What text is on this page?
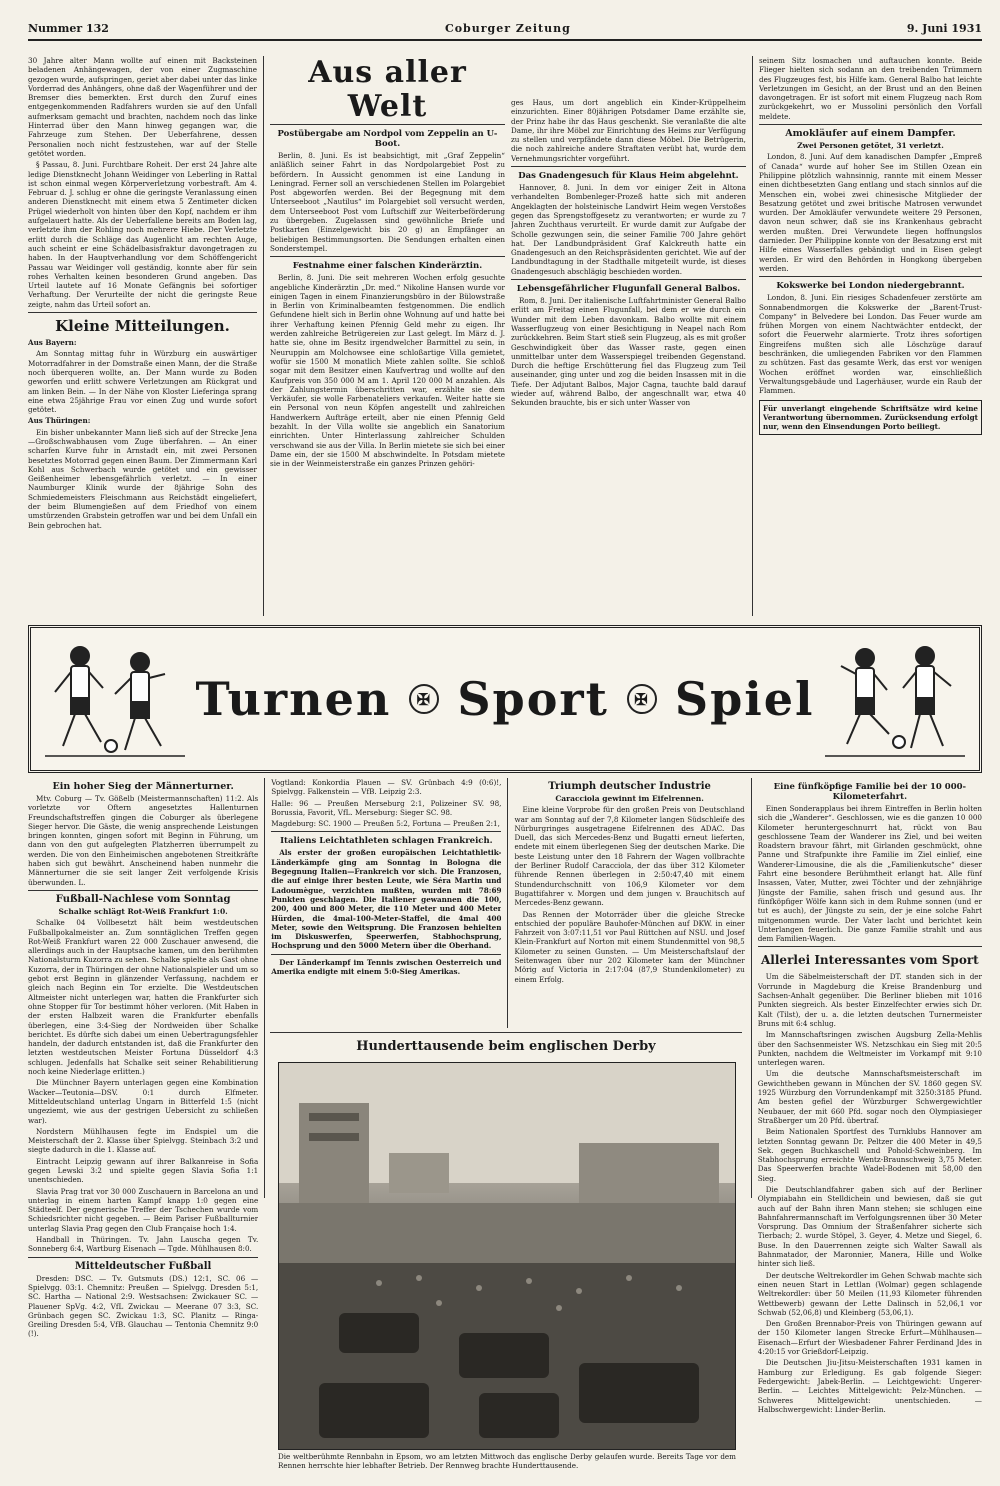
Nummer 132	Coburger Zeitung	9. Juni 1931

30 Jahre alter Mann wollte auf einen mit Backsteinen beladenen Anhängewagen, der von einer Zugmaschine gezogen wurde, aufspringen, geriet aber dabei unter das linke Vorderrad des Anhängers, ohne daß der Wagenführer und der Bremser dies bemerkten. Erst durch den Zuruf eines entgegenkommenden Radfahrers wurden sie auf den Unfall aufmerksam gemacht und brachten, nachdem noch das linke Hinterrad über den Mann hinweg gegangen war, die Fahrzeuge zum Stehen. Der Ueberfahrene, dessen Personalien noch nicht festzustehen, war auf der Stelle getötet worden.

§ Passau, 8. Juni. Furchtbare Roheit. Der erst 24 Jahre alte ledige Dienstknecht Johann Weidinger von Leberling in Rattal ist schon einmal wegen Körperverletzung vorbestraft. Am 4. Februar d. J. schlug er ohne die geringste Veranlassung einen anderen Dienstknecht mit einem etwa 5 Zentimeter dicken Prügel wiederholt von hinten über den Kopf, nachdem er ihm aufgelauert hatte. Als der Ueberfallene bereits am Boden lag, verletzte ihm der Rohling noch mehrere Hiebe. Der Verletzte erlitt durch die Schläge das Augenlicht am rechten Auge, auch scheint er eine Schädelbasisfraktur davongetragen zu haben. In der Hauptverhandlung vor dem Schöffengericht Passau war Weidinger voll geständig, konnte aber für sein rohes Verhalten keinen besonderen Grund angeben. Das Urteil lautete auf 16 Monate Gefängnis bei sofortiger Verhaftung. Der Verurteilte der nicht die geringste Reue zeigte, nahm das Urteil sofort an.

Kleine Mitteilungen.

Aus Bayern:

Am Sonntag mittag fuhr in Würzburg ein auswärtiger Motorradfahrer in der Domstraße einen Mann, der die Straße noch überqueren wollte, an. Der Mann wurde zu Boden geworfen und erlitt schwere Verletzungen am Rückgrat und am linken Bein. — In der Nähe von Kloster Lieferinga sprang eine etwa 25jährige Frau vor einen Zug und wurde sofort getötet.

Aus Thüringen:

Ein bisher unbekannter Mann ließ sich auf der Strecke Jena—Großschwabhausen vom Zuge überfahren. — An einer scharfen Kurve fuhr in Arnstadt ein, mit zwei Personen besetztes Motorrad gegen einen Baum. Der Zimmermann Karl Kohl aus Schwerbach wurde getötet und ein gewisser Geißenheimer lebensgefährlich verletzt. — In einer Naumburger Klinik wurde der 8jährige Sohn des Schmiedemeisters Fleischmann aus Reichstädt eingeliefert, der beim Blumengießen auf dem Friedhof von einem umstürzenden Grabstein getroffen war und bei dem Unfall ein Bein gebrochen hat.

Aus aller Welt
Postübergabe am Nordpol vom Zeppelin an U-Boot.

Berlin, 8. Juni. Es ist beabsichtigt, mit „Graf Zeppelin“ anläßlich seiner Fahrt in das Nordpolargebiet Post zu befördern. In Aussicht genommen ist eine Landung in Leningrad. Ferner soll an verschiedenen Stellen im Polargebiet Post abgeworfen werden. Bei der Begegnung mit dem Unterseeboot „Nautilus“ im Polargebiet soll versucht werden, dem Unterseeboot Post vom Luftschiff zur Weiterbeförderung zu übergeben. Zugelassen sind gewöhnliche Briefe und Postkarten (Einzelgewicht bis 20 g) an Empfänger an beliebigen Bestimmungsorten. Die Sendungen erhalten einen Sonderstempel.

Festnahme einer falschen Kinderärztin.

Berlin, 8. Juni. Die seit mehreren Wochen erfolg gesuchte angebliche Kinderärztin „Dr. med.“ Nikoline Hansen wurde vor einigen Tagen in einem Finanzierungsbüro in der Bülowstraße in Berlin von Kriminalbeamten festgenommen. Die endlich Gefundene hielt sich in Berlin ohne Wohnung auf und hatte bei ihrer Verhaftung keinen Pfennig Geld mehr zu eigen. Ihr werden zahlreiche Betrügereien zur Last gelegt. Im März d. J. hatte sie, ohne im Besitz irgendwelcher Barmittel zu sein, in Neuruppin am Molchowsee eine schloßartige Villa gemietet, wofür sie 1500 M monatlich Miete zahlen sollte. Sie schloß sogar mit dem Besitzer einen Kaufvertrag und wollte auf den Kaufpreis von 350 000 M am 1. April 120 000 M anzahlen. Als der Zahlungstermin überschritten war, erzählte sie dem Verkäufer, sie wolle Farbenateliers verkaufen. Weiter hatte sie ein Personal von neun Köpfen angestellt und zahlreichen Handwerkern Aufträge erteilt, aber nie einen Pfennig Geld bezahlt. In der Villa wollte sie angeblich ein Sanatorium einrichten. Unter Hinterlassung zahlreicher Schulden verschwand sie aus der Villa. In Berlin mietete sie sich bei einer Dame ein, der sie 1500 M abschwindelte. In Potsdam mietete sie in der Weinmeisterstraße ein ganzes Prinzen gehöri-

ges Haus, um dort angeblich ein Kinder-Krüppelheim einzurichten. Einer 80jährigen Potsdamer Dame erzählte sie, der Prinz habe ihr das Haus geschenkt. Sie veranlaßte die alte Dame, ihr ihre Möbel zur Einrichtung des Heims zur Verfügung zu stellen und verpfändete dann diese Möbel. Die Betrügerin, die noch zahlreiche andere Straftaten verübt hat, wurde dem Vernehmungsrichter vorgeführt.

Das Gnadengesuch für Klaus Heim abgelehnt.

Hannover, 8. Juni. In dem vor einiger Zeit in Altona verhandelten Bombenleger-Prozeß hatte sich mit anderen Angeklagten der holsteinische Landwirt Heim wegen Verstoßes gegen das Sprengstoffgesetz zu verantworten; er wurde zu 7 Jahren Zuchthaus verurteilt. Er wurde damit zur Aufgabe der Scholle gezwungen sein, die seiner Familie 700 Jahre gehört hat. Der Landbundpräsident Graf Kalckreuth hatte ein Gnadengesuch an den Reichspräsidenten gerichtet. Wie auf der Landbundtagung in der Stadthalle mitgeteilt wurde, ist dieses Gnadengesuch abschlägig beschieden worden.

Lebensgefährlicher Flugunfall General Balbos.

Rom, 8. Juni. Der italienische Luftfahrtminister General Balbo erlitt am Freitag einen Flugunfall, bei dem er wie durch ein Wunder mit dem Leben davonkam. Balbo wollte mit einem Wasserflugzeug von einer Besichtigung in Neapel nach Rom zurückkehren. Beim Start stieß sein Flugzeug, als es mit großer Geschwindigkeit über das Wasser raste, gegen einen unmittelbar unter dem Wasserspiegel treibenden Gegenstand. Durch die heftige Erschütterung fiel das Flugzeug zum Teil auseinander, ging unter und zog die beiden Insassen mit in die Tiefe. Der Adjutant Balbos, Major Cagna, tauchte bald darauf wieder auf, während Balbo, der angeschnallt war, etwa 40 Sekunden brauchte, bis er sich unter Wasser von

seinem Sitz losmachen und auftauchen konnte. Beide Flieger hielten sich sodann an den treibenden Trümmern des Flugzeuges fest, bis Hilfe kam. General Balbo hat leichte Verletzungen im Gesicht, an der Brust und an den Beinen davongetragen. Er ist sofort mit einem Flugzeug nach Rom zurückgekehrt, wo er Mussolini persönlich den Vorfall meldete.

Amokläufer auf einem Dampfer.
Zwei Personen getötet, 31 verletzt.

London, 8. Juni. Auf dem kanadischen Dampfer „Empreß of Canada“ wurde auf hoher See im Stillen Ozean ein Philippine plötzlich wahnsinnig, rannte mit einem Messer einen dichtbesetzten Gang entlang und stach sinnlos auf die Menschen ein, wobei zwei chinesische Mitglieder der Besatzung getötet und zwei britische Matrosen verwundet wurden. Der Amokläufer verwundete weitere 29 Personen, davon neun schwer, daß sie ins Krankenhaus gebracht werden mußten. Drei Verwundete liegen hoffnungslos darnieder. Der Philippine konnte von der Besatzung erst mit Hilfe eines Wasserfalles gebändigt und in Eisen gelegt werden. Er wird den Behörden in Hongkong übergeben werden.

Kokswerke bei London niedergebrannt.

London, 8. Juni. Ein riesiges Schadenfeuer zerstörte am Sonnabendmorgen die Kokswerke der „Barent-Trust-Company“ in Belvedere bei London. Das Feuer wurde am frühen Morgen von einem Nachtwächter entdeckt, der sofort die Feuerwehr alarmierte. Trotz ihres sofortigen Eingreifens mußten sich alle Löschzüge darauf beschränken, die umliegenden Fabriken vor den Flammen zu schützen. Fast das gesamte Werk, das erst vor wenigen Wochen eröffnet worden war, einschließlich Verwaltungsgebäude und Lagerhäuser, wurde ein Raub der Flammen.

Für unverlangt eingehende Schriftsätze wird keine Verantwortung übernommen. Zurücksendung erfolgt nur, wenn den Einsendungen Porto beiliegt.
Turnen	✠ Sport	✠ Spiel
Ein hoher Sieg der Männerturner.

Mtv. Coburg — Tv. Gößelb (Meistermannschaften) 11:2. Als vorletzte vor Oftern angesetztes Hallenturnen Freundschaftstreffen gingen die Coburger als überlegene Sieger hervor. Die Gäste, die wenig ansprechende Leistungen bringen konnten, gingen sofort mit Beginn in Führung, um dann von den gut aufgelegten Platzherren überrumpelt zu werden. Die von den Einheimischen angebotenen Streitkräfte haben sich gut bewährt. Anscheinend haben nunmehr die Männerturner die sie seit langer Zeit verfolgende Krisis überwunden. L.

Fußball-Nachlese vom Sonntag
Schalke schlägt Rot-Weiß Frankfurt 1:0.

Schalke 04 Vollbesetzt hält beim westdeutschen Fußballpokalmeister an. Zum sonntäglichen Treffen gegen Rot-Weiß Frankfurt waren 22 000 Zuschauer anwesend, die allerdings auch in der Hauptsache kamen, um den berühmten Nationalsturm Kuzorra zu sehen. Schalke spielte als Gast ohne Kuzorra, der in Thüringen der ohne Nationalspieler und um so gebot erst Beginn in glänzender Verfassung, nachdem er gleich nach Beginn ein Tor erzielte. Die Westdeutschen Altmeister nicht unterlegen war, hatten die Frankfurter sich ohne Stopper für Tor bestimmt höher verloren. (Mit Haben in der ersten Halbzeit waren die Frankfurter ebenfalls überlegen, eine 3:4-Sieg der Nordweiden über Schalke berichtet. Es dürfte sich dabei um einen Uebertragungsfehler handeln, der dadurch entstanden ist, daß die Frankfurter den letzten westdeutschen Meister Fortuna Düsseldorf 4:3 schlugen. Jedenfalls hat Schalke seit seiner Rehabilitierung noch keine Niederlage erlitten.)

Die Münchner Bayern unterlagen gegen eine Kombination Wacker—Teutonia—DSV. 0:1 durch Elfmeter. Mitteldeutschland unterlag Ungarn in Bitterfeld 1:5 (nicht ungeziemt, wie aus der gestrigen Uebersicht zu schließen war).

Nordstern Mühlhausen fegte im Endspiel um die Meisterschaft der 2. Klasse über Spielvgg. Steinbach 3:2 und siegte dadurch in die 1. Klasse auf.

Eintracht Leipzig gewann auf ihrer Balkanreise in Sofia gegen Lewski 3:2 und spielte gegen Slavia Sofia 1:1 unentschieden.

Slavia Prag trat vor 30 000 Zuschauern in Barcelona an und unterlag in einem harten Kampf knapp 1:0 gegen eine Städteelf. Der gegnerische Treffer der Tschechen wurde vom Schiedsrichter nicht gegeben. — Beim Pariser Fußballturnier unterlag Slavia Prag gegen den Club Française hoch 1:4.

Handball in Thüringen. Tv. Jahn Lauscha gegen Tv. Sonneberg 6:4, Wartburg Eisenach — Tgde. Mühlhausen 8:0.

Mitteldeutscher Fußball

Dresden: DSC. — Tv. Gutsmuts (DS.) 12:1, SC. 06 — Spielvgg. 03:1. Chemnitz: Preußen — Spielvgg. Dresden 5:1, SC. Hartha — National 2:9. Westsachsen: Zwickauer SC. — Plauener SpVg. 4:2, VfL Zwickau — Meerane 07 3:3, SC. Grünbach gegen SC. Zwickau 1:3, SC. Planitz — Ringa-Greiling Dresden 5:4, VfB. Glauchau — Tentonia Chemnitz 9:0 (!).

Vogtland: Konkordia Plauen — SV. Grünbach 4:9 (0:6)!, Spielvgg. Falkenstein — VfB. Leipzig 2:3.

Halle: 96 — Preußen Merseburg 2:1, Polizeiner SV. 98, Borussia, Favorit, VfL. Merseburg: Sieger SC. 98.

Magdeburg: SC. 1900 — Preußen 5:2, Fortuna — Preußen 2:1,

Italiens Leichtathleten schlagen Frankreich.

Als erster der großen europäischen Leichtathletik-Länderkämpfe ging am Sonntag in Bologna die Begegnung Italien—Frankreich vor sich. Die Franzosen, die auf einige ihrer besten Leute, wie Séra Martin und Ladoumègue, verzichten mußten, wurden mit 78:69 Punkten geschlagen. Die Italiener gewannen die 100, 200, 400 und 800 Meter, die 110 Meter und 400 Meter Hürden, die 4mal-100-Meter-Staffel, die 4mal 400 Meter, sowie den Weitsprung. Die Franzosen behielten im Diskuswerfen, Speerwerfen, Stabhochsprung, Hochsprung und den 5000 Metern über die Oberhand.

Der Länderkampf im Tennis zwischen Oesterreich und Amerika endigte mit einem 5:0-Sieg Amerikas.

Triumph deutscher Industrie
Caracciola gewinnt im Eifelrennen.

Eine kleine Vorprobe für den großen Preis von Deutschland war am Sonntag auf der 7,8 Kilometer langen Südschleife des Nürburgringes ausgetragene Eifelrennen des ADAC. Das Duell, das sich Mercedes-Benz und Bugatti erneut lieferten, endete mit einem überlegenen Sieg der deutschen Marke. Die beste Leistung unter den 18 Fahrern der Wagen vollbrachte der Berliner Rudolf Caracciola, der das über 312 Kilometer führende Rennen überlegen in 2:50:47,40 mit einem Stundendurchschnitt von 106,9 Kilometer vor dem Bugattifahrer v. Morgen und dem jungen v. Brauchitsch auf Mercedes-Benz gewann.

Das Rennen der Motorräder über die gleiche Strecke entschied der populäre Bauhofer-München auf DKW. in einer Fahrzeit von 3:07:11,51 vor Paul Rüttchen auf NSU. und Josef Klein-Frankfurt auf Norton mit einem Stundenmittel von 98,5 Kilometer zu seinen Gunsten. — Um Meisterschaftslauf der Seitenwagen über nur 202 Kilometer kam der Münchner Mörig auf Victoria in 2:17:04 (87,9 Stundenkilometer) zu einem Erfolg.

Eine fünfköpfige Familie bei der 10 000-Kilometerfahrt.

Einen Sonderapplaus bei ihrem Eintreffen in Berlin holten sich die „Wanderer“. Geschlossen, wie es die ganzen 10 000 Kilometer heruntergeschnurrt hat, rückt von Bau geschlossene Team der Wanderer ins Ziel, und bei weiten Roadstern bravour fährt, mit Girlanden geschmückt, ohne Panne und Strafpunkte ihre Familie im Ziel einlief, eine Wanderer-Limousine, die als die „Familienkutsche“ dieser Fahrt eine besondere Berühmtheit erlangt hat. Alle fünf Insassen, Vater, Mutter, zwei Töchter und der zehnjährige Jüngste der Familie, sahen frisch und gesund aus. Ihr fünfköpfiger Wölfe kann sich in dem Ruhme sonnen (und er tut es auch), der Jüngste zu sein, der je eine solche Fahrt mitgenommen wurde. Der Vater lacht und berichtet kein Unterlangen feuerlich. Die ganze Familie strahlt und aus dem Familien-Wagen.

Allerlei Interessantes vom Sport

Um die Säbelmeisterschaft der DT. standen sich in der Vorrunde in Magdeburg die Kreise Brandenburg und Sachsen-Anhalt gegenüber. Die Berliner blieben mit 1016 Punkten siegreich. Als bester Einzelfechter erwies sich Dr. Kalt (Tilst), der u. a. die letzten deutschen Turnermeister Bruns mit 6:4 schlug.

Im Mannschaftsringen zwischen Augsburg Zella-Mehlis über den Sachsenmeister WS. Netzschkau ein Sieg mit 20:5 Punkten, nachdem die Weltmeister im Vorkampf mit 9:10 unterlegen waren.

Um die deutsche Mannschaftsmeisterschaft im Gewichtheben gewann in München der SV. 1860 gegen SV. 1925 Würzburg den Vorrundenkampf mit 3250:3185 Pfund. Am besten gefiel der Würzburger Schwergewichtler Neubauer, der mit 660 Pfd. sogar noch den Olympiasieger Straßberger um 20 Pfd. übertraf.

Beim Nationalen Sportfest des Turnklubs Hannover am letzten Sonntag gewann Dr. Peltzer die 400 Meter in 49,5 Sek. gegen Buchkaschell und Pohold-Schweinberg. Im Stabhochsprung erreichte Wentz-Braunschweig 3,75 Meter. Das Speerwerfen brachte Wadel-Bodenen mit 58,00 den Sieg.

Die Deutschlandfahrer gaben sich auf der Berliner Olympiabahn ein Stelldichein und bewiesen, daß sie gut auch auf der Bahn ihren Mann stehen; sie schlugen eine Bahnfahrermannschaft im Verfolgungsrennen über 30 Meter Vorsprung. Das Omnium der Straßenfahrer sicherte sich Tierbach; 2. wurde Stöpel, 3. Geyer, 4. Metze und Siegel, 6. Buse. In den Dauerrennen zeigte sich Walter Sawall als Bahnmatador, der Maronnier, Manera, Hille und Wolke hinter sich ließ.

Der deutsche Weltrekordler im Gehen Schwab machte sich einen neuen Start in Lettlan (Wolmar) gegen schlagende Weltrekordler: über 50 Meilen (11,93 Kilometer führenden Wettbewerb) gewann der Lette Dalinsch in 52,06,1 vor Schwab (52,06,8) und Kleinberg (53,06,1).

Den Großen Brennabor-Preis von Thüringen gewann auf der 150 Kilometer langen Strecke Erfurt—Mühlhausen—Eisenach—Erfurt der Wiesbadener Fahrer Ferdinand Jdes in 4:20:15 vor Grießdorf-Leipzig.

Die Deutschen Jiu-Jitsu-Meisterschaften 1931 kamen in Hamburg zur Erledigung. Es gab folgende Sieger: Federgewicht: Jabek-Berlin. — Leichtgewicht: Ungerer-Berlin. — Leichtes Mittelgewicht: Pelz-München. — Schweres Mittelgewicht: unentschieden. — Halbschwergewicht: Linder-Berlin.

Hunderttausende beim englischen Derby
Die weltberühmte Rennbahn in Epsom, wo am letzten Mittwoch das englische Derby gelaufen wurde. Bereits Tage vor dem Rennen herrschte hier lebhafter Betrieb. Der Rennweg brachte Hunderttausende.
